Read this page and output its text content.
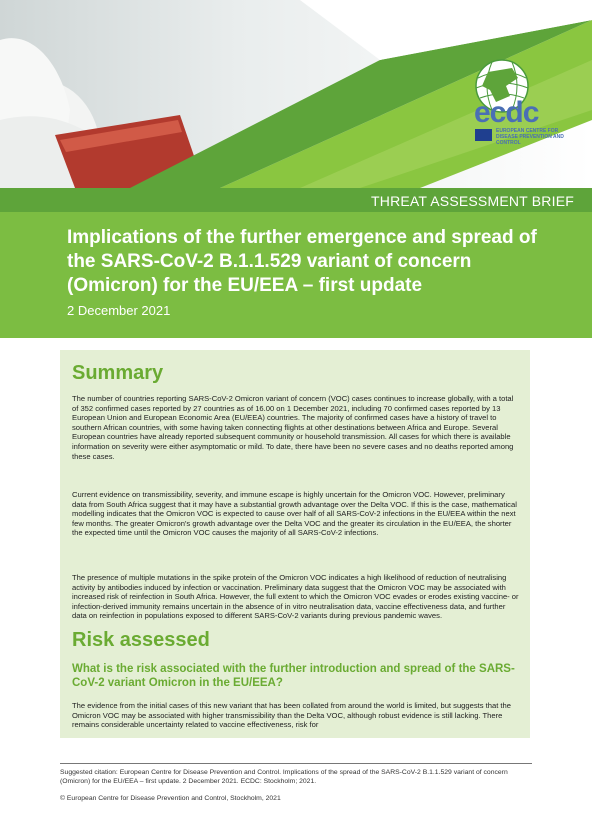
ecdc
EUROPEAN CENTRE FOR DISEASE PREVENTION AND CONTROL
THREAT ASSESSMENT BRIEF
Implications of the further emergence and spread of the SARS-CoV-2 B.1.1.529 variant of concern (Omicron) for the EU/EEA – first update
2 December 2021
Summary
The number of countries reporting SARS-CoV-2 Omicron variant of concern (VOC) cases continues to increase globally, with a total of 352 confirmed cases reported by 27 countries as of 16.00 on 1 December 2021, including 70 confirmed cases reported by 13 European Union and European Economic Area (EU/EEA) countries. The majority of confirmed cases have a history of travel to southern African countries, with some having taken connecting flights at other destinations between Africa and Europe. Several European countries have already reported subsequent community or household transmission. All cases for which there is available information on severity were either asymptomatic or mild. To date, there have been no severe cases and no deaths reported among these cases.
Current evidence on transmissibility, severity, and immune escape is highly uncertain for the Omicron VOC. However, preliminary data from South Africa suggest that it may have a substantial growth advantage over the Delta VOC. If this is the case, mathematical modelling indicates that the Omicron VOC is expected to cause over half of all SARS-CoV-2 infections in the EU/EEA within the next few months. The greater Omicron's growth advantage over the Delta VOC and the greater its circulation in the EU/EEA, the shorter the expected time until the Omicron VOC causes the majority of all SARS-CoV-2 infections.
The presence of multiple mutations in the spike protein of the Omicron VOC indicates a high likelihood of reduction of neutralising activity by antibodies induced by infection or vaccination. Preliminary data suggest that the Omicron VOC may be associated with increased risk of reinfection in South Africa. However, the full extent to which the Omicron VOC evades or erodes existing vaccine- or infection-derived immunity remains uncertain in the absence of in vitro neutralisation data, vaccine effectiveness data, and further data on reinfection in populations exposed to different SARS-CoV-2 variants during previous pandemic waves.
Risk assessed
What is the risk associated with the further introduction and spread of the SARS-CoV-2 variant Omicron in the EU/EEA?
The evidence from the initial cases of this new variant that has been collated from around the world is limited, but suggests that the Omicron VOC may be associated with higher transmissibility than the Delta VOC, although robust evidence is still lacking. There remains considerable uncertainty related to vaccine effectiveness, risk for
Suggested citation: European Centre for Disease Prevention and Control. Implications of the spread of the SARS-CoV-2 B.1.1.529 variant of concern (Omicron) for the EU/EEA – first update. 2 December 2021. ECDC: Stockholm; 2021.
© European Centre for Disease Prevention and Control, Stockholm, 2021
